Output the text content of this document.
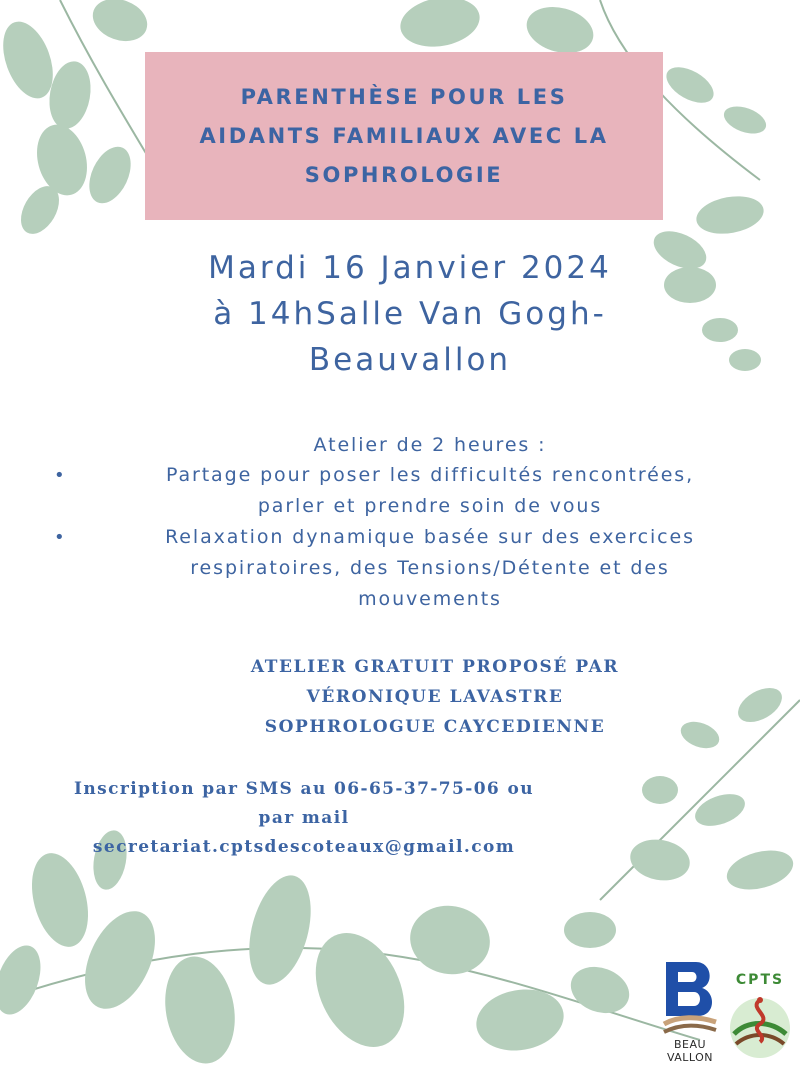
PARENTHÈSE POUR LES
AIDANTS FAMILIAUX AVEC LA
SOPHROLOGIE
Mardi 16 Janvier 2024
à 14hSalle Van Gogh-
Beauvallon
Atelier de 2 heures :
•	Partage pour poser les difficultés rencontrées,
parler et prendre soin de vous
•	Relaxation dynamique basée sur des exercices
respiratoires, des Tensions/Détente et des
mouvements
ATELIER GRATUIT PROPOSÉ PAR
VÉRONIQUE LAVASTRE
SOPHROLOGUE CAYCEDIENNE
Inscription par SMS au 06-65-37-75-06 ou
par mail
secretariat.cptsdescoteaux@gmail.com
BEAU
VALLON
CPTS
